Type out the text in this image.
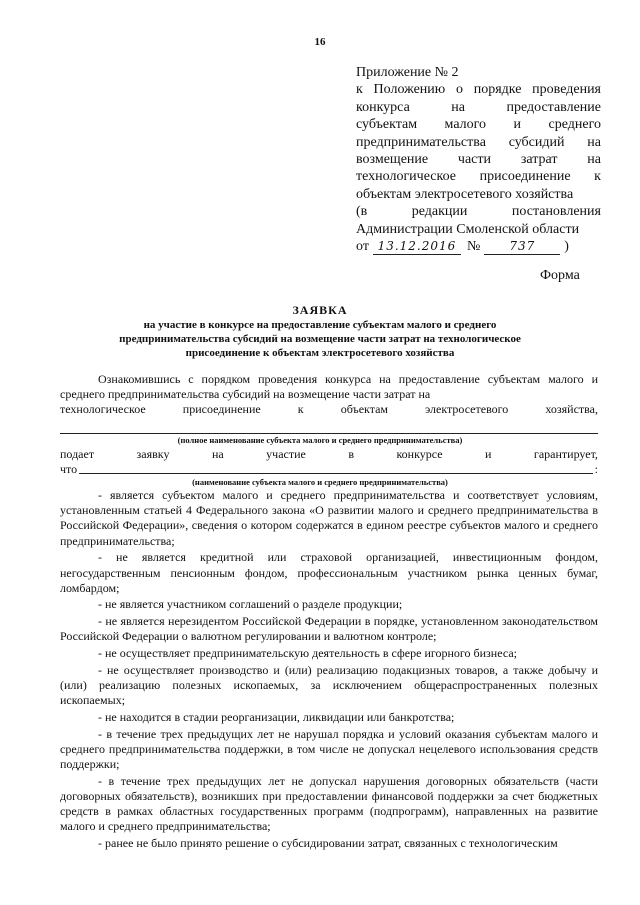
16
Приложение № 2
к Положению о порядке проведения
конкурса на предоставление
субъектам малого и среднего
предпринимательства субсидий на
возмещение части затрат на
технологическое присоединение к
объектам электросетевого хозяйства
(в редакции постановления
Администрации Смоленской области
от 13.12.2016 №	737	)
Форма
ЗАЯВКА
на участие в конкурсе на предоставление субъектам малого и среднего предпринимательства субсидий на возмещение части затрат на технологическое присоединение к объектам электросетевого хозяйства
Ознакомившись с порядком проведения конкурса на предоставление субъектам малого и среднего предпринимательства субсидий на возмещение части затрат на
технологическое присоединение к объектам электросетевого хозяйства,
(полное наименование субъекта малого и среднего предпринимательства)
подает	заявку	на	участие	в	конкурсе	и	гарантирует,
что	:
(наименование субъекта малого и среднего предпринимательства)

- является субъектом малого и среднего предпринимательства и соответствует условиям, установленным статьей 4 Федерального закона «О развитии малого и среднего предпринимательства в Российской Федерации», сведения о котором содержатся в едином реестре субъектов малого и среднего предпринимательства;

- не является кредитной или страховой организацией, инвестиционным фондом, негосударственным пенсионным фондом, профессиональным участником рынка ценных бумаг, ломбардом;

- не является участником соглашений о разделе продукции;

- не является нерезидентом Российской Федерации в порядке, установленном законодательством Российской Федерации о валютном регулировании и валютном контроле;

- не осуществляет предпринимательскую деятельность в сфере игорного бизнеса;

- не осуществляет производство и (или) реализацию подакцизных товаров, а также добычу и (или) реализацию полезных ископаемых, за исключением общераспространенных полезных ископаемых;

- не находится в стадии реорганизации, ликвидации или банкротства;

- в течение трех предыдущих лет не нарушал порядка и условий оказания субъектам малого и среднего предпринимательства поддержки, в том числе не допускал нецелевого использования средств поддержки;

- в течение трех предыдущих лет не допускал нарушения договорных обязательств (части договорных обязательств), возникших при предоставлении финансовой поддержки за счет бюджетных средств в рамках областных государственных программ (подпрограмм), направленных на развитие малого и среднего предпринимательства;

- ранее не было принято решение о субсидировании затрат, связанных с технологическим
